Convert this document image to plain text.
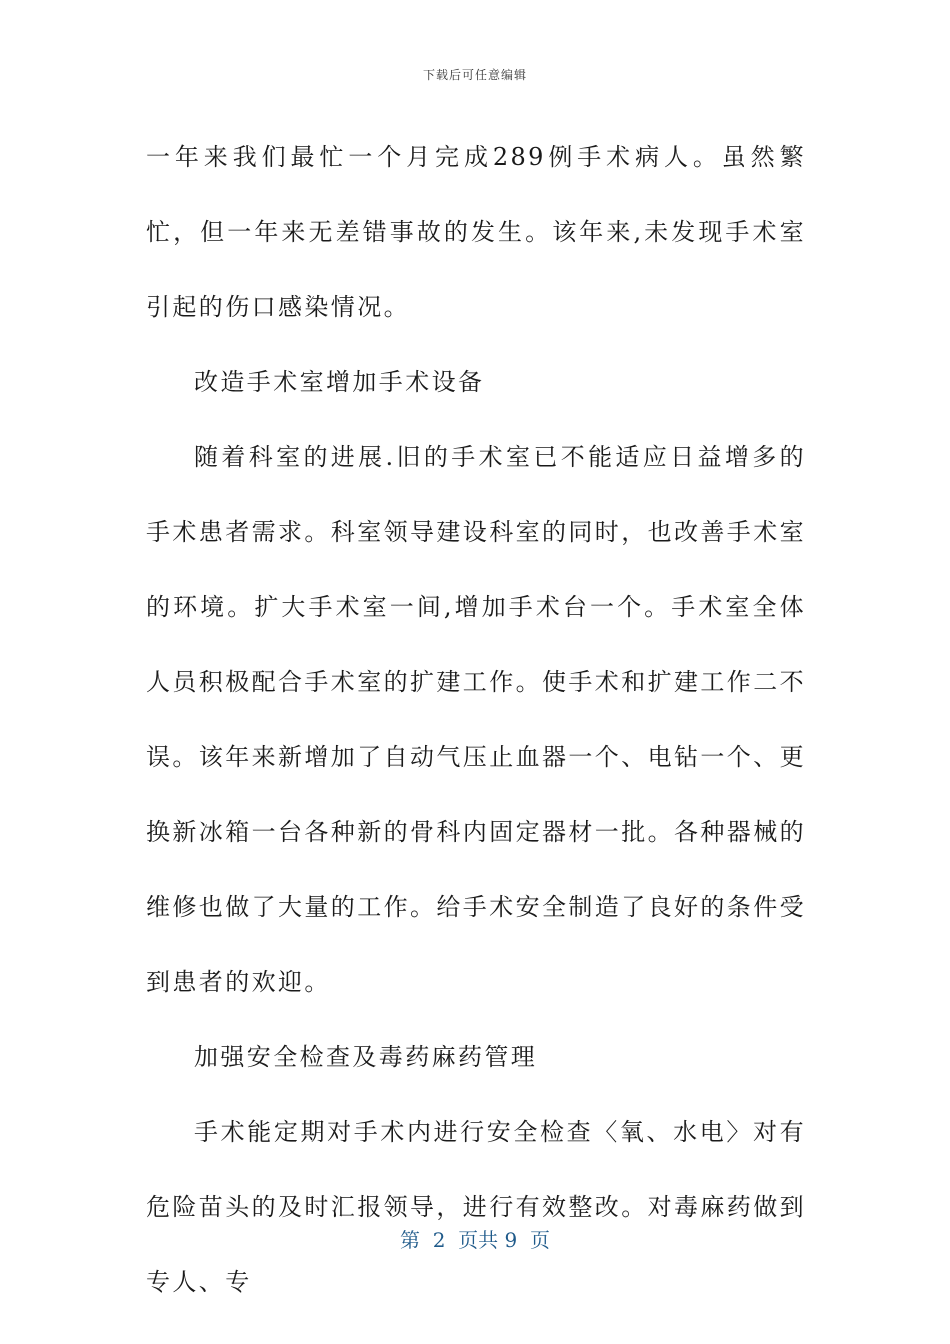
下载后可任意编辑

一年来我们最忙一个月完成289例手术病人。虽然繁忙，但一年来无差错事故的发生。该年来,未发现手术室引起的伤口感染情况。

改造手术室增加手术设备

随着科室的进展.旧的手术室已不能适应日益增多的手术患者需求。科室领导建设科室的同时，也改善手术室的环境。扩大手术室一间,增加手术台一个。手术室全体人员积极配合手术室的扩建工作。使手术和扩建工作二不误。该年来新增加了自动气压止血器一个、电钻一个、更换新冰箱一台各种新的骨科内固定器材一批。各种器械的维修也做了大量的工作。给手术安全制造了良好的条件受到患者的欢迎。

加强安全检查及毒药麻药管理

手术能定期对手术内进行安全检查〈氧、水电〉对有危险苗头的及时汇报领导，进行有效整改。对毒麻药做到专人、专

第  2  页共 9  页
